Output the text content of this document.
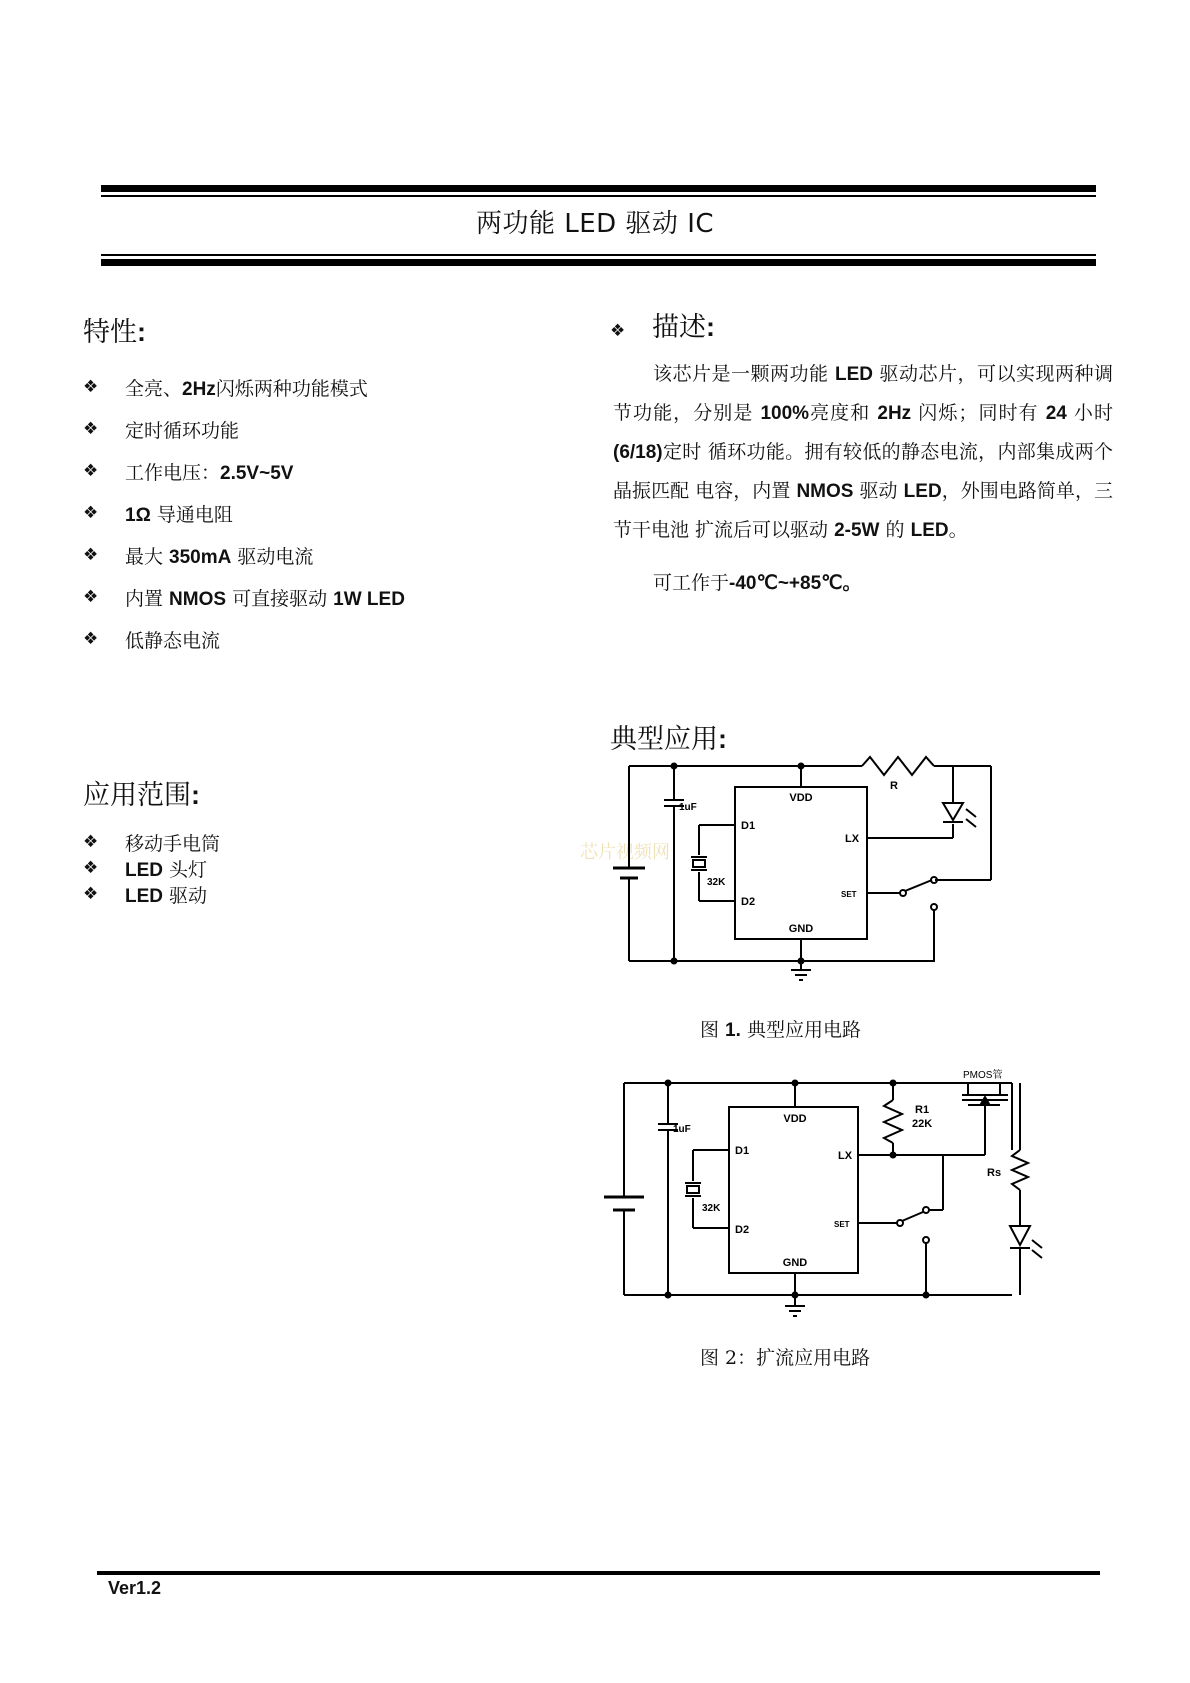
两功能 LED 驱动 IC
特性:
❖	全亮、2Hz闪烁两种功能模式
❖	定时循环功能
❖	工作电压：2.5V~5V
❖	1Ω 导通电阻
❖	最大 350mA 驱动电流
❖	内置 NMOS 可直接驱动 1W LED
❖	低静态电流
❖ 描述:

该芯片是一颗两功能 LED 驱动芯片，可以实现两种调节功能，分别是 100%亮度和 2Hz 闪烁；同时有 24 小时(6/18)定时 循环功能。拥有较低的静态电流，内部集成两个晶振匹配 电容，内置 NMOS 驱动 LED，外围电路简单，三节干电池 扩流后可以驱动 2-5W 的 LED。

可工作于-40℃~+85℃。

应用范围:
❖	移动手电筒
❖	LED 头灯
❖	LED 驱动
典型应用:
芯片视频网
VDD
GND
D1
D2
LX
SET
1uF
32K
R
图 1. 典型应用电路
VDD
GND
D1
D2
LX
SET
1uF
32K
R1
22K
Rs
PMOS管
图 2：扩流应用电路
Ver1.2
